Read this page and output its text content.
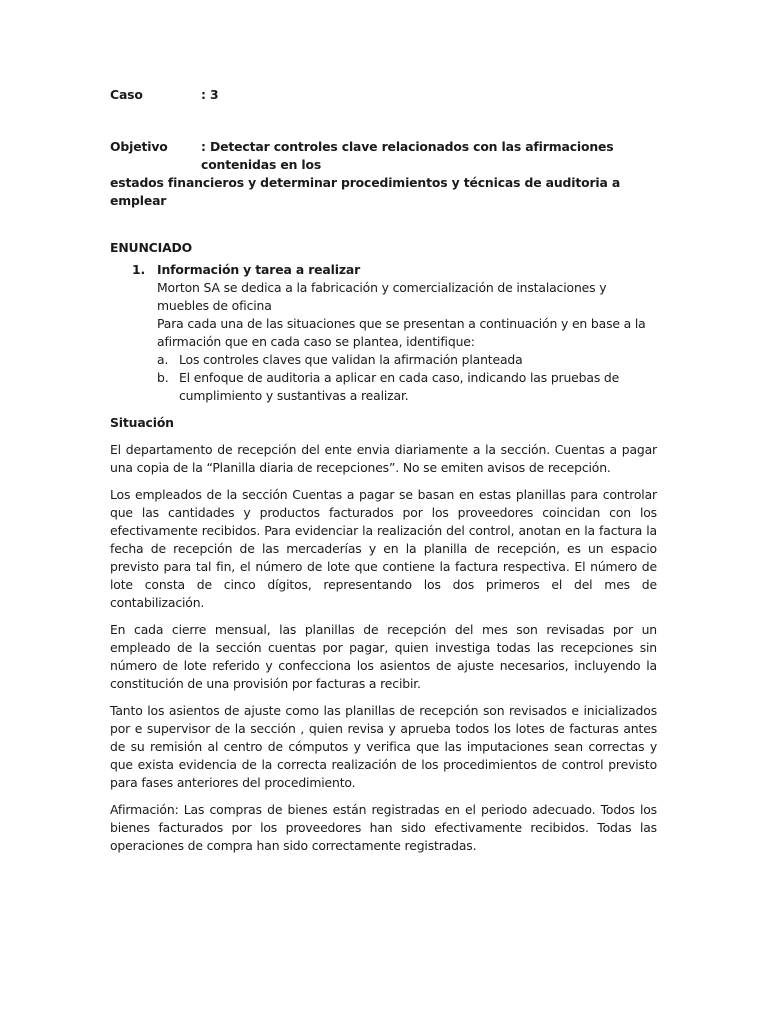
Caso	: 3
Objetivo	: Detectar controles clave relacionados con las afirmaciones contenidas en los
estados financieros y determinar procedimientos y técnicas de auditoria a emplear
ENUNCIADO
1. Información y tarea a realizar

Morton SA se dedica a la fabricación y comercialización de instalaciones y muebles de oficina

Para cada una de las situaciones que se presentan a continuación y en base a la afirmación que en cada caso se plantea, identifique:

a. Los controles claves que validan la afirmación planteada
b. El enfoque de auditoria a aplicar en cada caso, indicando las pruebas de cumplimiento y sustantivas a realizar.
Situación

El departamento de recepción del ente envia diariamente a la sección. Cuentas a pagar una copia de la “Planilla diaria de recepciones”. No se emiten avisos de recepción.

Los empleados de la sección Cuentas a pagar se basan en estas planillas para controlar que las cantidades y productos facturados por los proveedores coincidan con los efectivamente recibidos. Para evidenciar la realización del control, anotan en la factura la fecha de recepción de las mercaderías y en la planilla de recepción, es un espacio previsto para tal fin, el número de lote que contiene la factura respectiva. El número de lote consta de cinco dígitos, representando los dos primeros el del mes de contabilización.

En cada cierre mensual, las planillas de recepción del mes son revisadas por un empleado de la sección cuentas por pagar, quien investiga todas las recepciones sin número de lote referido y confecciona los asientos de ajuste necesarios, incluyendo la constitución de una provisión por facturas a recibir.

Tanto los asientos de ajuste como las planillas de recepción son revisados e inicializados por e supervisor de la sección , quien revisa y aprueba todos los lotes de facturas antes de su remisión al centro de cómputos y verifica que las imputaciones sean correctas y que exista evidencia de la correcta realización de los procedimientos de control previsto para fases anteriores del procedimiento.

Afirmación: Las compras de bienes están registradas en el periodo adecuado. Todos los bienes facturados por los proveedores han sido efectivamente recibidos. Todas las operaciones de compra han sido correctamente registradas.
